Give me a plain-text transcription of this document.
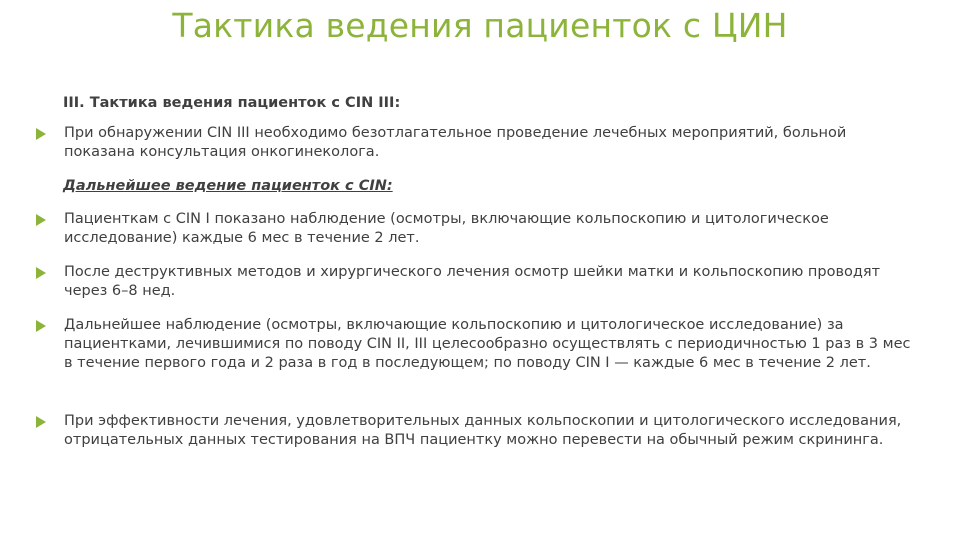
Тактика ведения пациенток с ЦИН
III. Тактика ведения пациенток с CIN III:
При обнаружении CIN III необходимо безотлагательное проведение лечебных мероприятий, больной показана консультация онкогинеколога.
Дальнейшее ведение пациенток с CIN:
Пациенткам с CIN I показано наблюдение (осмотры, включающие кольпоскопию и цитологическое исследование) каждые 6 мес в течение 2 лет.
После деструктивных методов и хирургического лечения осмотр шейки матки и кольпоскопию проводят через 6–8 нед.
Дальнейшее наблюдение (осмотры, включающие кольпоскопию и цитологическое исследование) за пациентками, лечившимися по поводу CIN II, III целесообразно осуществлять с периодичностью 1 раз в 3 мес в течение первого года и 2 раза в год в последующем; по поводу CIN I — каждые 6 мес в течение 2 лет.
При эффективности лечения, удовлетворительных данных кольпоскопии и цитологического исследования, отрицательных данных тестирования на ВПЧ пациентку можно перевести на обычный режим скрининга.
